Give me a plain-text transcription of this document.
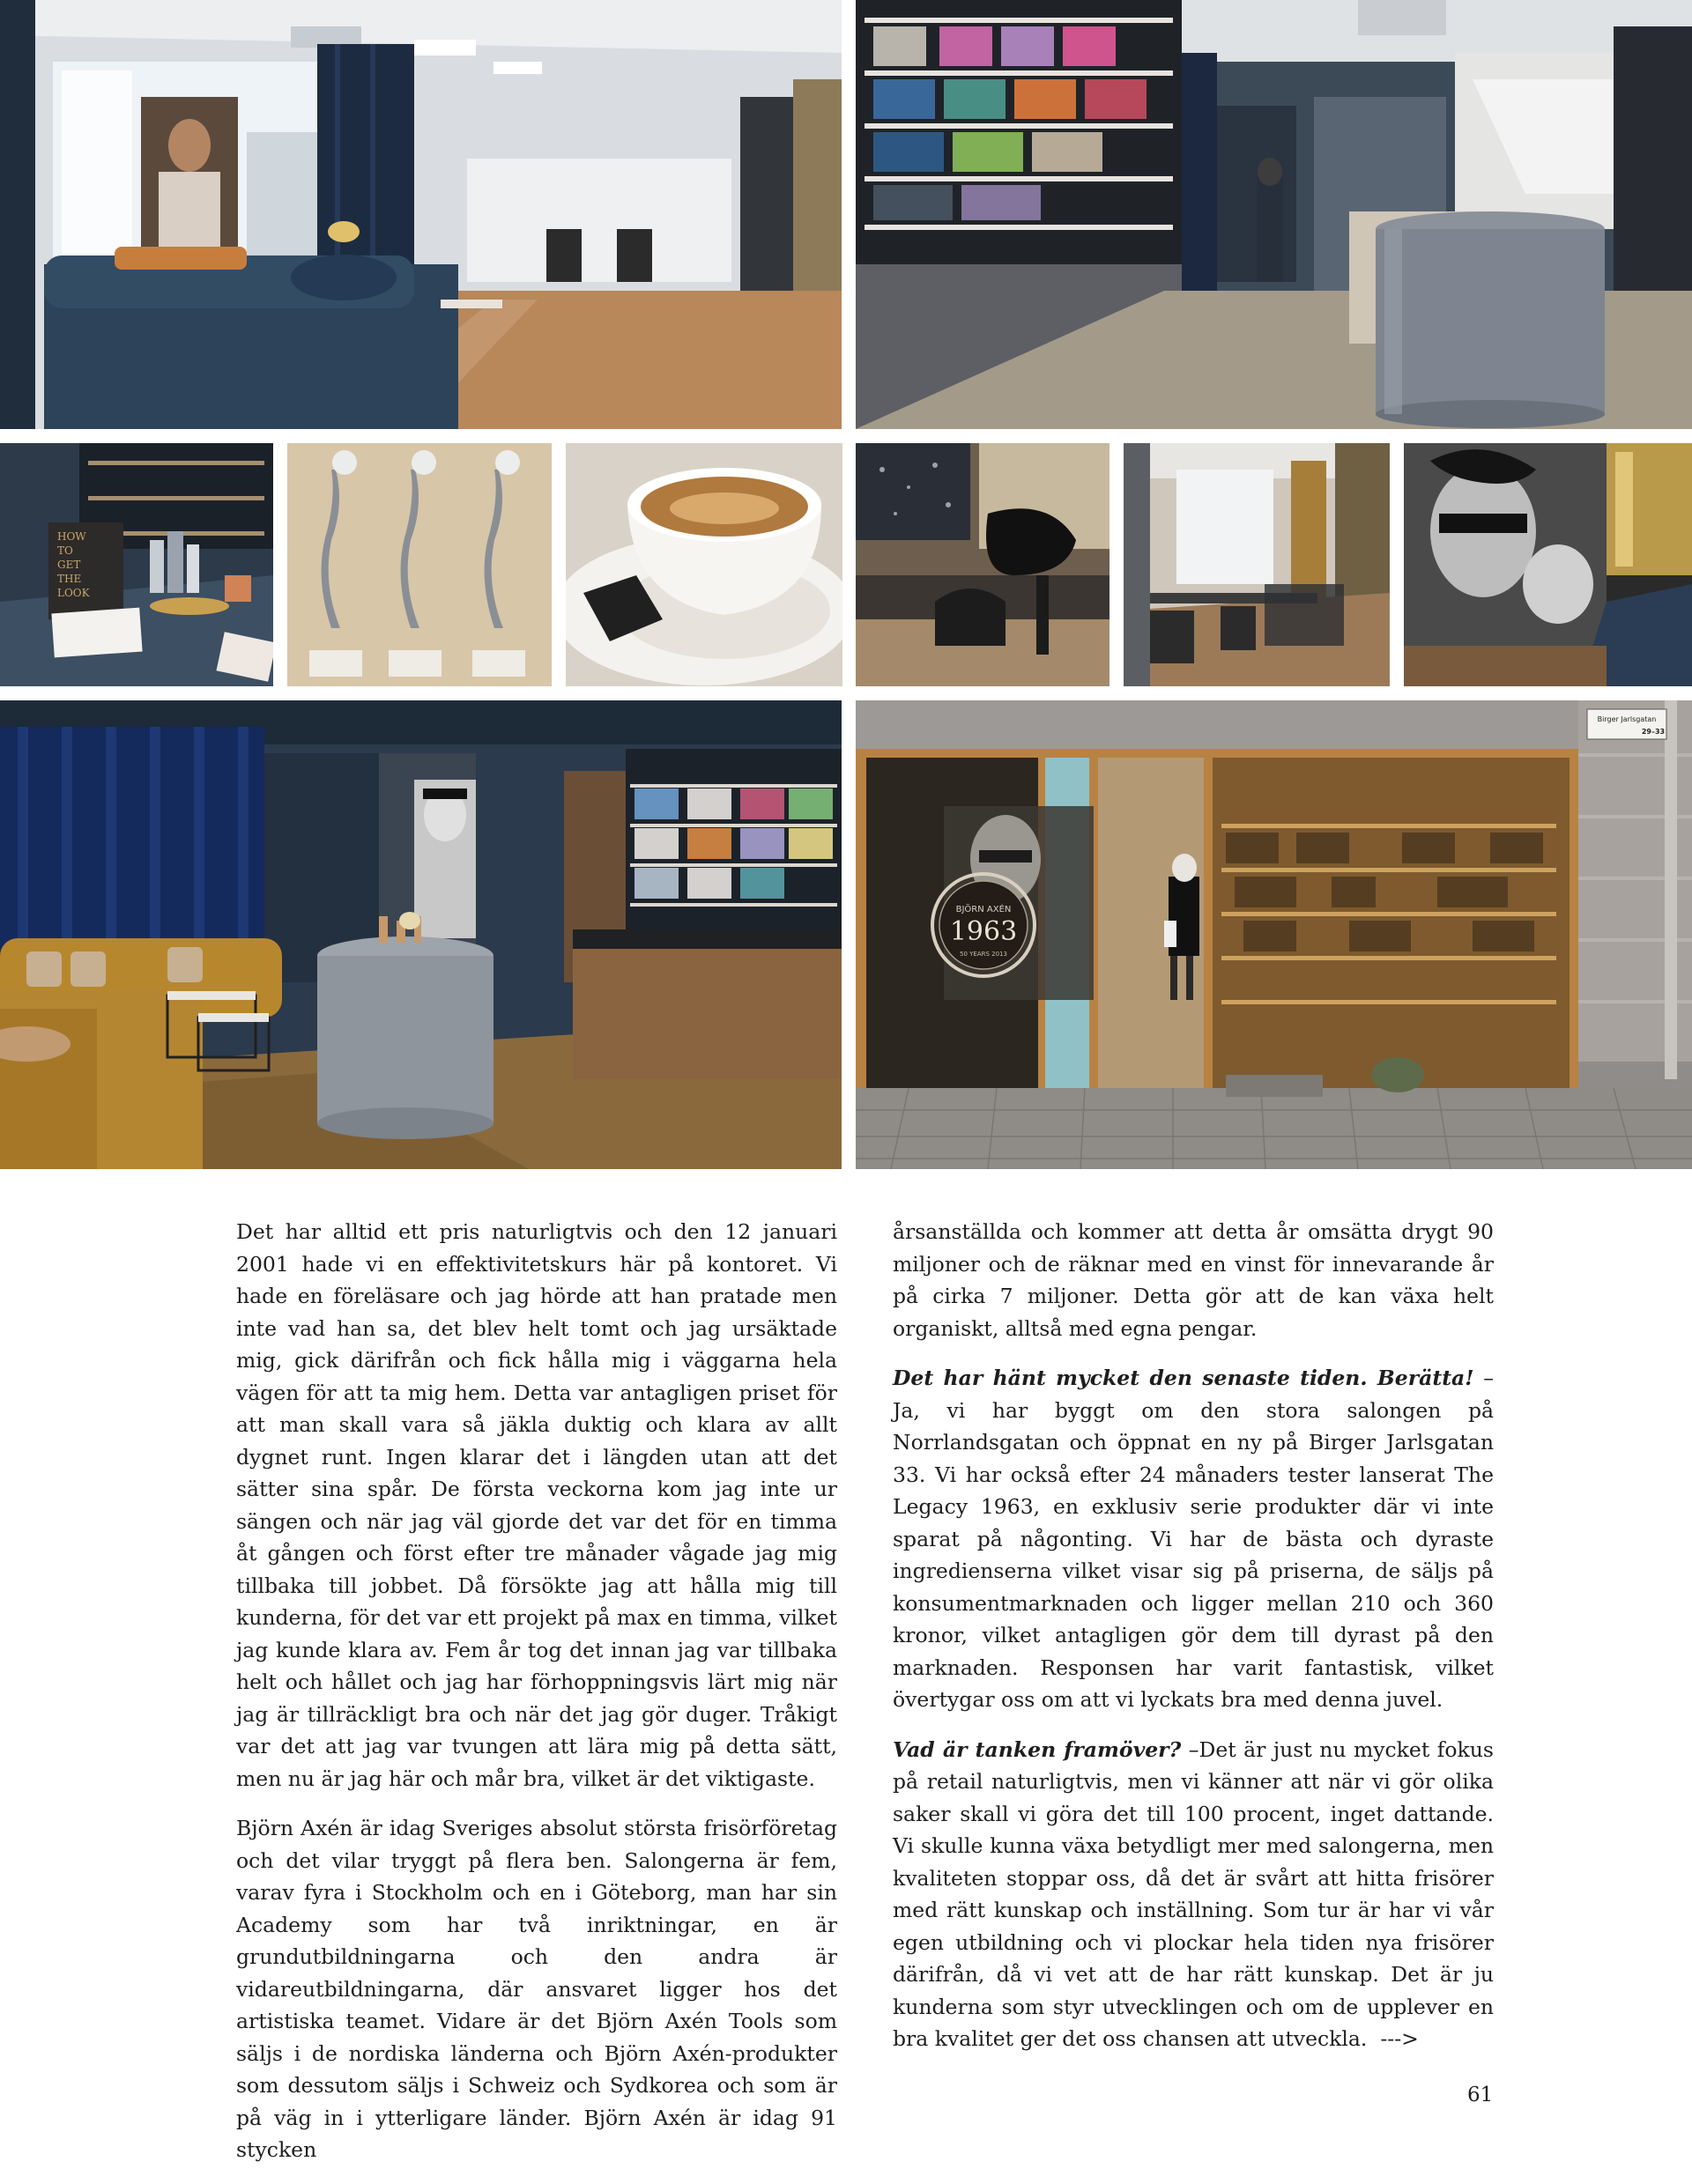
HOW
TO
GET
THE
LOOK
BJÖRN AXÉN
1963
50 YEARS 2013
Birger Jarlsgatan
29–33

Det har alltid ett pris naturligtvis och den 12 januari 2001 hade vi en effektivitetskurs här på kontoret. Vi hade en föreläsare och jag hörde att han pratade men inte vad han sa, det blev helt tomt och jag ursäktade mig, gick därifrån och fick hålla mig i väggarna hela vägen för att ta mig hem. Detta var antagligen priset för att man skall vara så jäkla duktig och klara av allt dygnet runt. Ingen klarar det i längden utan att det sätter sina spår. De första veckorna kom jag inte ur sängen och när jag väl gjorde det var det för en timma åt gången och först efter tre månader vågade jag mig tillbaka till jobbet. Då försökte jag att hålla mig till kunderna, för det var ett projekt på max en timma, vilket jag kunde klara av. Fem år tog det innan jag var tillbaka helt och hållet och jag har förhoppningsvis lärt mig när jag är tillräckligt bra och när det jag gör duger. Tråkigt var det att jag var tvungen att lära mig på detta sätt, men nu är jag här och mår bra, vilket är det viktigaste.

Björn Axén är idag Sveriges absolut största frisörföretag och det vilar tryggt på flera ben. Salongerna är fem, varav fyra i Stockholm och en i Göteborg, man har sin Academy som har två inriktningar, en är grundutbildningarna och den andra är vidareutbildningarna, där ansvaret ligger hos det artistiska teamet. Vidare är det Björn Axén Tools som säljs i de nordiska länderna och Björn Axén-produkter som dessutom säljs i Schweiz och Sydkorea och som är på väg in i ytterligare länder. Björn Axén är idag 91 stycken

årsanställda och kommer att detta år omsätta drygt 90 miljoner och de räknar med en vinst för innevarande år på cirka 7 miljoner. Detta gör att de kan växa helt organiskt, alltså med egna pengar.

Det har hänt mycket den senaste tiden. Berätta! –Ja, vi har byggt om den stora salongen på Norrlandsgatan och öppnat en ny på Birger Jarlsgatan 33. Vi har också efter 24 månaders tester lanserat The Legacy 1963, en exklusiv serie produkter där vi inte sparat på någonting. Vi har de bästa och dyraste ingredienserna vilket visar sig på priserna, de säljs på konsumentmarknaden och ligger mellan 210 och 360 kronor, vilket antagligen gör dem till dyrast på den marknaden. Responsen har varit fantastisk, vilket övertygar oss om att vi lyckats bra med denna juvel.

Vad är tanken framöver? –Det är just nu mycket fokus på retail naturligtvis, men vi känner att när vi gör olika saker skall vi göra det till 100 procent, inget dattande. Vi skulle kunna växa betydligt mer med salongerna, men kvaliteten stoppar oss, då det är svårt att hitta frisörer med rätt kunskap och inställning. Som tur är har vi vår egen utbildning och vi plockar hela tiden nya frisörer därifrån, då vi vet att de har rätt kunskap. Det är ju kunderna som styr utvecklingen och om de upplever en bra kvalitet ger det oss chansen att utveckla. --->

61
